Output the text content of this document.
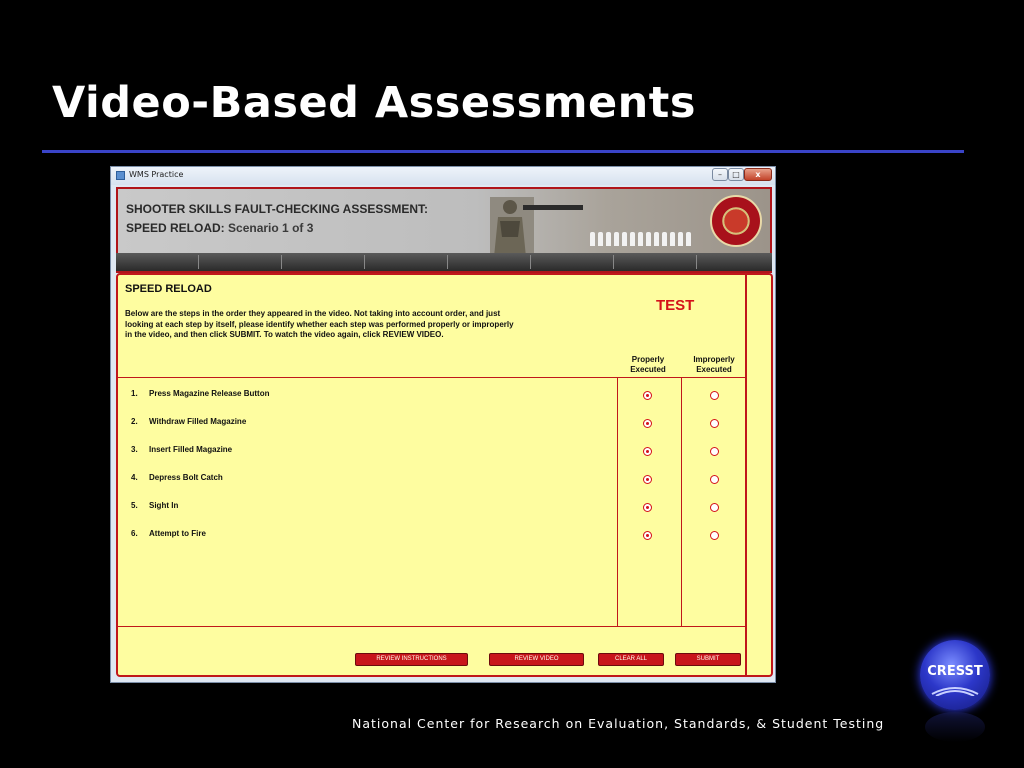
Video-Based Assessments
WMS Practice	–	□	x
SHOOTER SKILLS FAULT-CHECKING ASSESSMENT:
SPEED RELOAD: Scenario 1 of 3
SPEED RELOAD
Below are the steps in the order they appeared in the video. Not taking into account order, and just looking at each step by itself, please identify whether each step was performed properly or improperly in the video, and then click SUBMIT. To watch the video again, click REVIEW VIDEO.
TEST
Properly Executed
Improperly Executed
1. Press Magazine Release Button
2. Withdraw Filled Magazine
3. Insert Filled Magazine
4. Depress Bolt Catch
5. Sight In
6. Attempt to Fire
REVIEW INSTRUCTIONS	REVIEW VIDEO	CLEAR ALL	SUBMIT
CRESST
National Center for Research on Evaluation, Standards, & Student Testing
